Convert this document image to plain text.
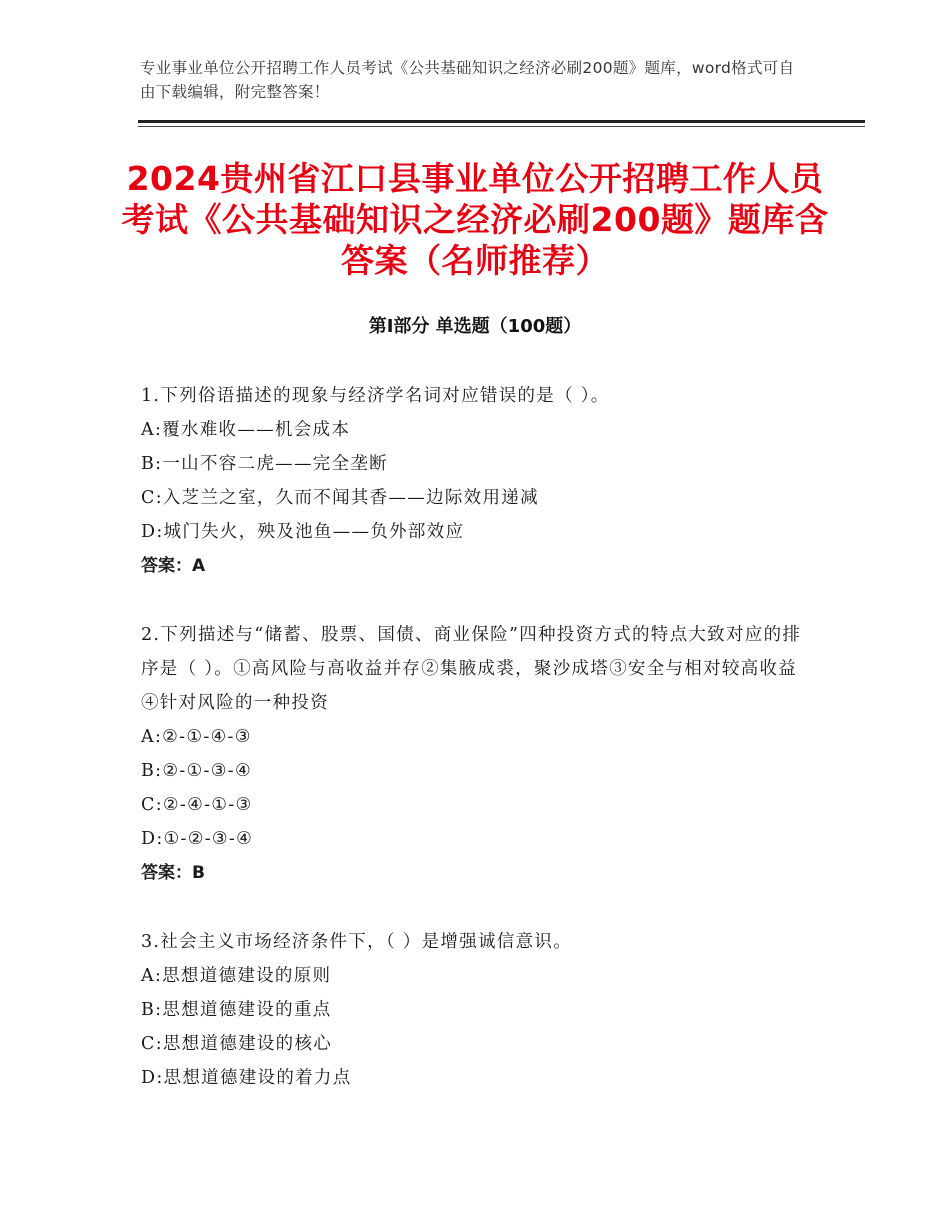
专业事业单位公开招聘工作人员考试《公共基础知识之经济必刷200题》题库，word格式可自由下载编辑，附完整答案！
2024贵州省江口县事业单位公开招聘工作人员考试《公共基础知识之经济必刷200题》题库含答案（名师推荐）
第Ⅰ部分 单选题（100题）

1.下列俗语描述的现象与经济学名词对应错误的是（ ）。

A:覆水难收——机会成本

B:一山不容二虎——完全垄断

C:入芝兰之室，久而不闻其香——边际效用递减

D:城门失火，殃及池鱼——负外部效应

答案：A

2.下列描述与“储蓄、股票、国债、商业保险”四种投资方式的特点大致对应的排序是（ ）。①高风险与高收益并存②集腋成裘，聚沙成塔③安全与相对较高收益④针对风险的一种投资

A:②-①-④-③

B:②-①-③-④

C:②-④-①-③

D:①-②-③-④

答案：B

3.社会主义市场经济条件下，（ ）是增强诚信意识。

A:思想道德建设的原则

B:思想道德建设的重点

C:思想道德建设的核心

D:思想道德建设的着力点
